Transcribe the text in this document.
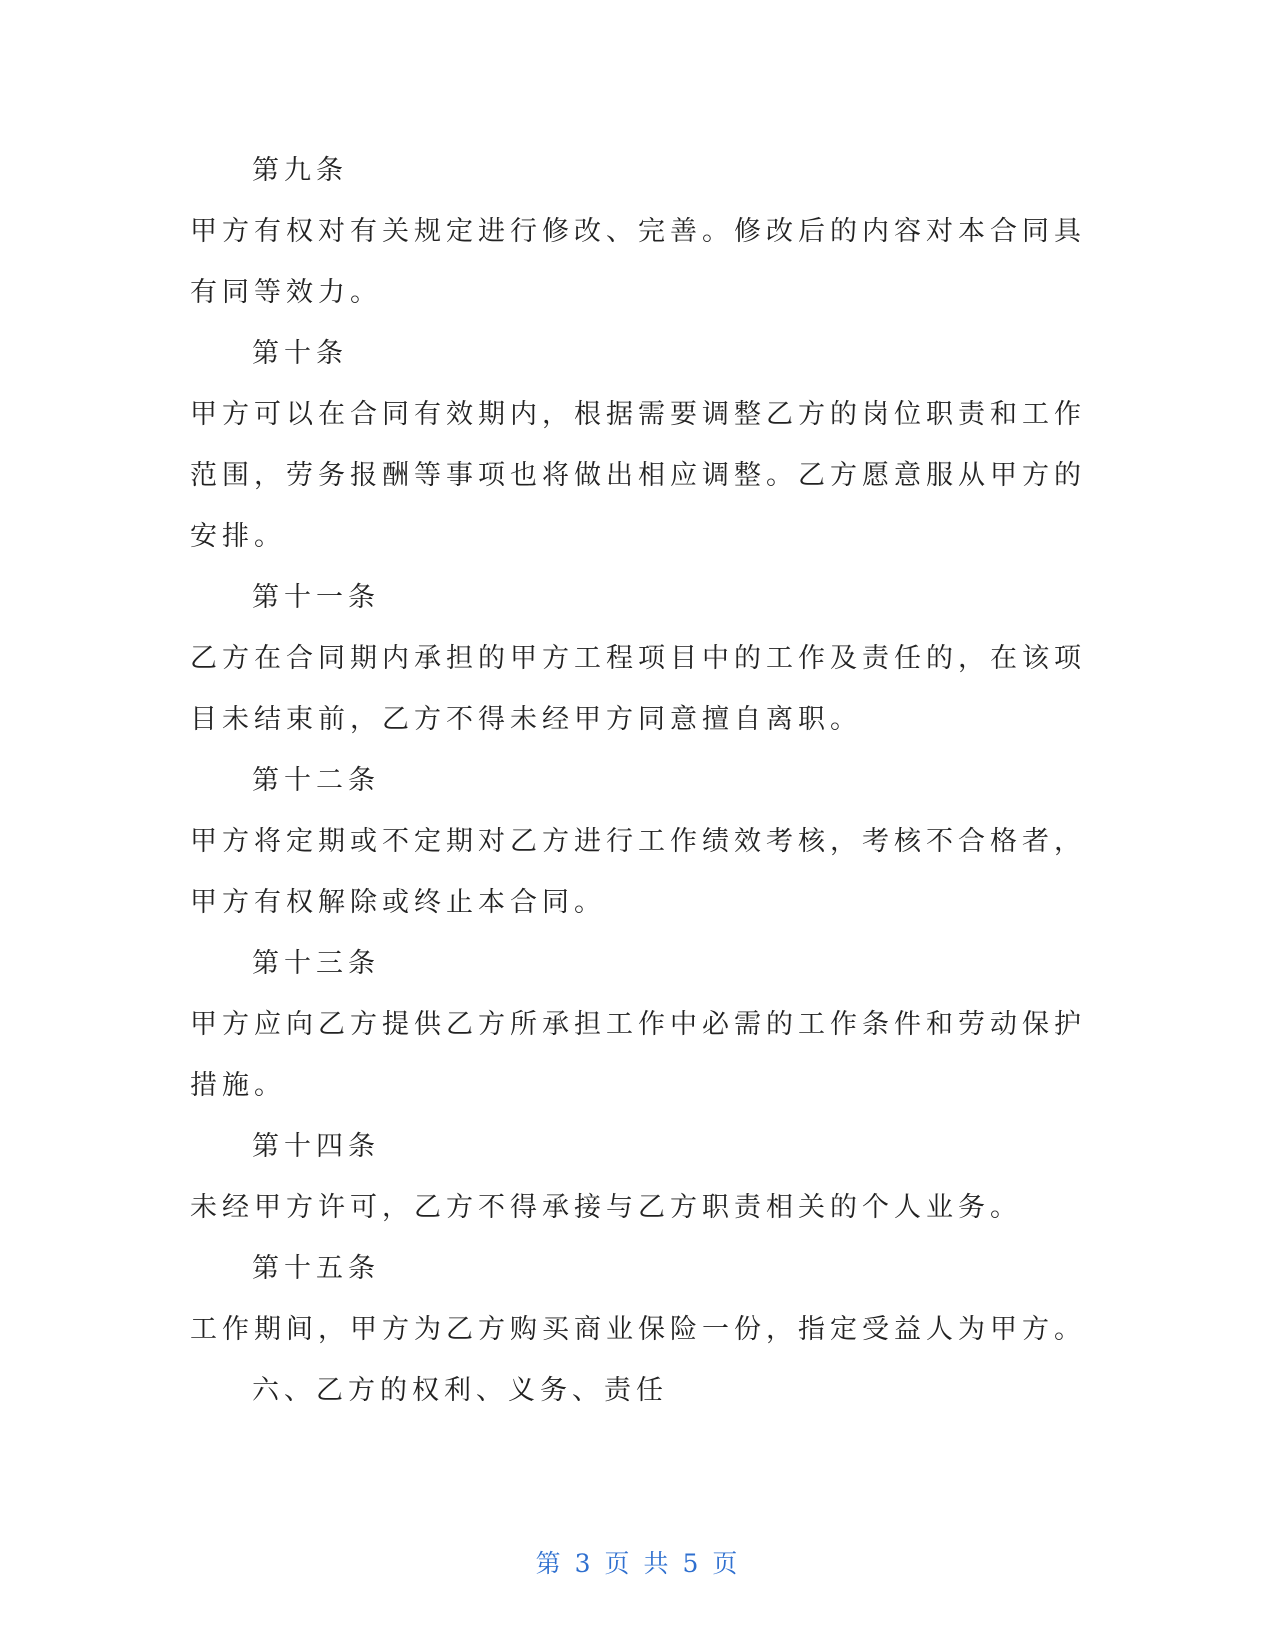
第九条
甲方有权对有关规定进行修改、完善。修改后的内容对本合同具
有同等效力。
第十条
甲方可以在合同有效期内，根据需要调整乙方的岗位职责和工作
范围，劳务报酬等事项也将做出相应调整。乙方愿意服从甲方的
安排。
第十一条
乙方在合同期内承担的甲方工程项目中的工作及责任的，在该项
目未结束前，乙方不得未经甲方同意擅自离职。
第十二条
甲方将定期或不定期对乙方进行工作绩效考核，考核不合格者，
甲方有权解除或终止本合同。
第十三条
甲方应向乙方提供乙方所承担工作中必需的工作条件和劳动保护
措施。
第十四条
未经甲方许可，乙方不得承接与乙方职责相关的个人业务。
第十五条
工作期间，甲方为乙方购买商业保险一份，指定受益人为甲方。
六、乙方的权利、义务、责任
第 3 页 共 5 页
